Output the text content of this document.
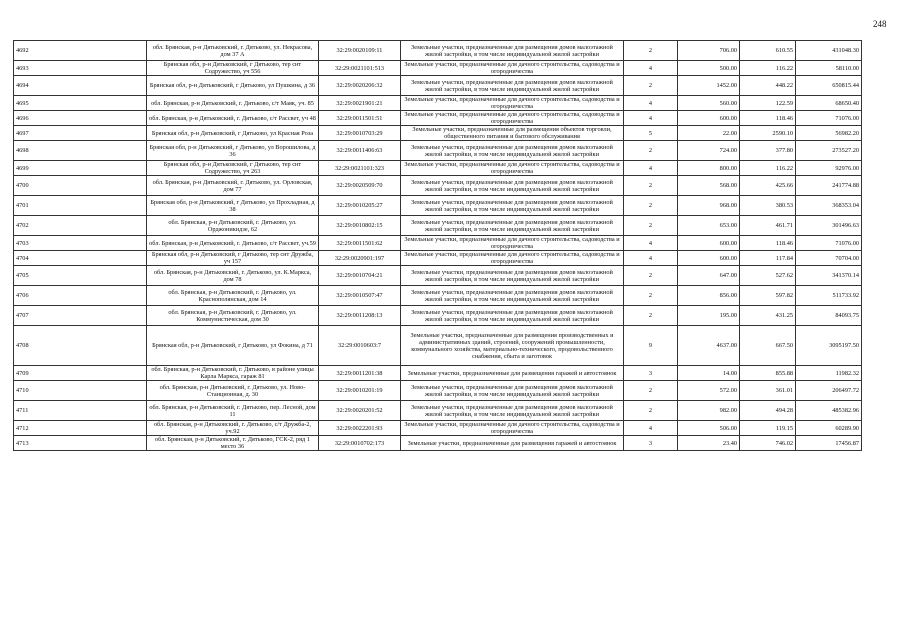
248
4692	обл. Брянская, р-н Дятьковский, г. Дятьково, ул. Некрасова, дом 37 А	32:29:0020109:11	Земельные участки, предназначенные для размещения домов малоэтажной жилой застройки, в том числе индивидуальной жилой застройки	2	706.00	610.55	431048.30
4693	Брянская обл, р-н Дятьковский, г Дятьково, тер снт Содружество, уч 556	32:29:0021101:513	Земельные участки, предназначенные для дачного строительства, садоводства и огородничества	4	500.00	116.22	58110.00
4694	Брянская обл, р-н Дятьковский, г Дятьково, ул Пушкина, д 36	32:29:0020206:32	Земельные участки, предназначенные для размещения домов малоэтажной жилой застройки, в том числе индивидуальной жилой застройки	2	1452.00	448.22	650815.44
4695	обл. Брянская, р-н Дятьковский, г. Дятьково, с/т Маяк, уч. 85	32:29:0021901:21	Земельные участки, предназначенные для дачного строительства, садоводства и огородничества	4	560.00	122.59	68650.40
4696	обл. Брянская, р-н Дятьковский, г. Дятьково, с/т Рассвет, уч 48	32:29:0011501:51	Земельные участки, предназначенные для дачного строительства, садоводства и огородничества	4	600.00	118.46	71076.00
4697	Брянская обл, р-н Дятьковский, г Дятьково, ул Красная Роза	32:29:0010703:29	Земельные участки, предназначенные для размещения объектов торговли, общественного питания и бытового обслуживания	5	22.00	2590.10	56982.20
4698	Брянская обл, р-н Дятьковский, г Дятьково, ул Ворошилова, д 36	32:29:0011406:63	Земельные участки, предназначенные для размещения домов малоэтажной жилой застройки, в том числе индивидуальной жилой застройки	2	724.00	377.80	273527.20
4699	Брянская обл, р-н Дятьковский, г Дятьково, тер снт Содружество, уч 263	32:29:0021101:323	Земельные участки, предназначенные для дачного строительства, садоводства и огородничества	4	800.00	116.22	92976.00
4700	обл. Брянская, р-н Дятьковский, г. Дятьково, ул. Орловская, дом 77	32:29:0020509:70	Земельные участки, предназначенные для размещения домов малоэтажной жилой застройки, в том числе индивидуальной жилой застройки	2	568.00	425.66	241774.88
4701	Брянская обл, р-н Дятьковский, г Дятьково, ул Прохладная, д 38	32:29:0010205:27	Земельные участки, предназначенные для размещения домов малоэтажной жилой застройки, в том числе индивидуальной жилой застройки	2	968.00	380.53	368353.04
4702	обл. Брянская, р-н Дятьковский, г. Дятьково, ул. Орджоникидзе, 62	32:29:0010802:15	Земельные участки, предназначенные для размещения домов малоэтажной жилой застройки, в том числе индивидуальной жилой застройки	2	653.00	461.71	301496.63
4703	обл. Брянская, р-н Дятьковский, г. Дятьково, с/т Рассвет, уч.59	32:29:0011501:62	Земельные участки, предназначенные для дачного строительства, садоводства и огородничества	4	600.00	118.46	71076.00
4704	Брянская обл, р-н Дятьковский, г Дятьково, тер снт Дружба, уч 157	32:29:0020901:197	Земельные участки, предназначенные для дачного строительства, садоводства и огородничества	4	600.00	117.84	70704.00
4705	обл. Брянская, р-н Дятьковский, г. Дятьково, ул. К.Маркса, дом 78	32:29:0010704:21	Земельные участки, предназначенные для размещения домов малоэтажной жилой застройки, в том числе индивидуальной жилой застройки	2	647.00	527.62	341370.14
4706	обл. Брянская, р-н Дятьковский, г. Дятьково, ул. Краснополянская, дом 14	32:29:0010507:47	Земельные участки, предназначенные для размещения домов малоэтажной жилой застройки, в том числе индивидуальной жилой застройки	2	856.00	597.82	511733.92
4707	обл. Брянская, р-н Дятьковский, г. Дятьково, ул. Коммунистическая, дом 30	32:29:0011208:13	Земельные участки, предназначенные для размещения домов малоэтажной жилой застройки, в том числе индивидуальной жилой застройки	2	195.00	431.25	84093.75
4708	Брянская обл, р-н Дятьковский, г Дятьково, ул Фокина, д 71	32:29:0010603:7	Земельные участки, предназначенные для размещения производственных и административных зданий, строений, сооружений промышленности, коммунального хозяйства, материально-технического, продовольственного снабжения, сбыта и заготовок	9	4637.00	667.50	3095197.50
4709	обл. Брянская, р-н Дятьковский, г. Дятьково, в районе улицы Карла Маркса, гараж 81	32:29:0011201:38	Земельные участки, предназначенные для размещения гаражей и автостоянок	3	14.00	855.88	11982.32
4710	обл. Брянская, р-н Дятьковский, г. Дятьково, ул. Ново-Станционная, д. 30	32:29:0010201:19	Земельные участки, предназначенные для размещения домов малоэтажной жилой застройки, в том числе индивидуальной жилой застройки	2	572.00	361.01	206497.72
4711	обл. Брянская, р-н Дятьковский, г. Дятьково, пер. Лесной, дом 11	32:29:0020201:52	Земельные участки, предназначенные для размещения домов малоэтажной жилой застройки, в том числе индивидуальной жилой застройки	2	982.00	494.28	485382.96
4712	обл. Брянская, р-н Дятьковский, г. Дятьково, с/т Дружба-2, уч.92	32:29:0022201:93	Земельные участки, предназначенные для дачного строительства, садоводства и огородничества	4	506.00	119.15	60289.90
4713	обл. Брянская, р-н Дятьковский, г. Дятьково, ГСК-2, ряд 1 место 36	32:29:0010702:173	Земельные участки, предназначенные для размещения гаражей и автостоянок	3	23.40	746.02	17456.87
